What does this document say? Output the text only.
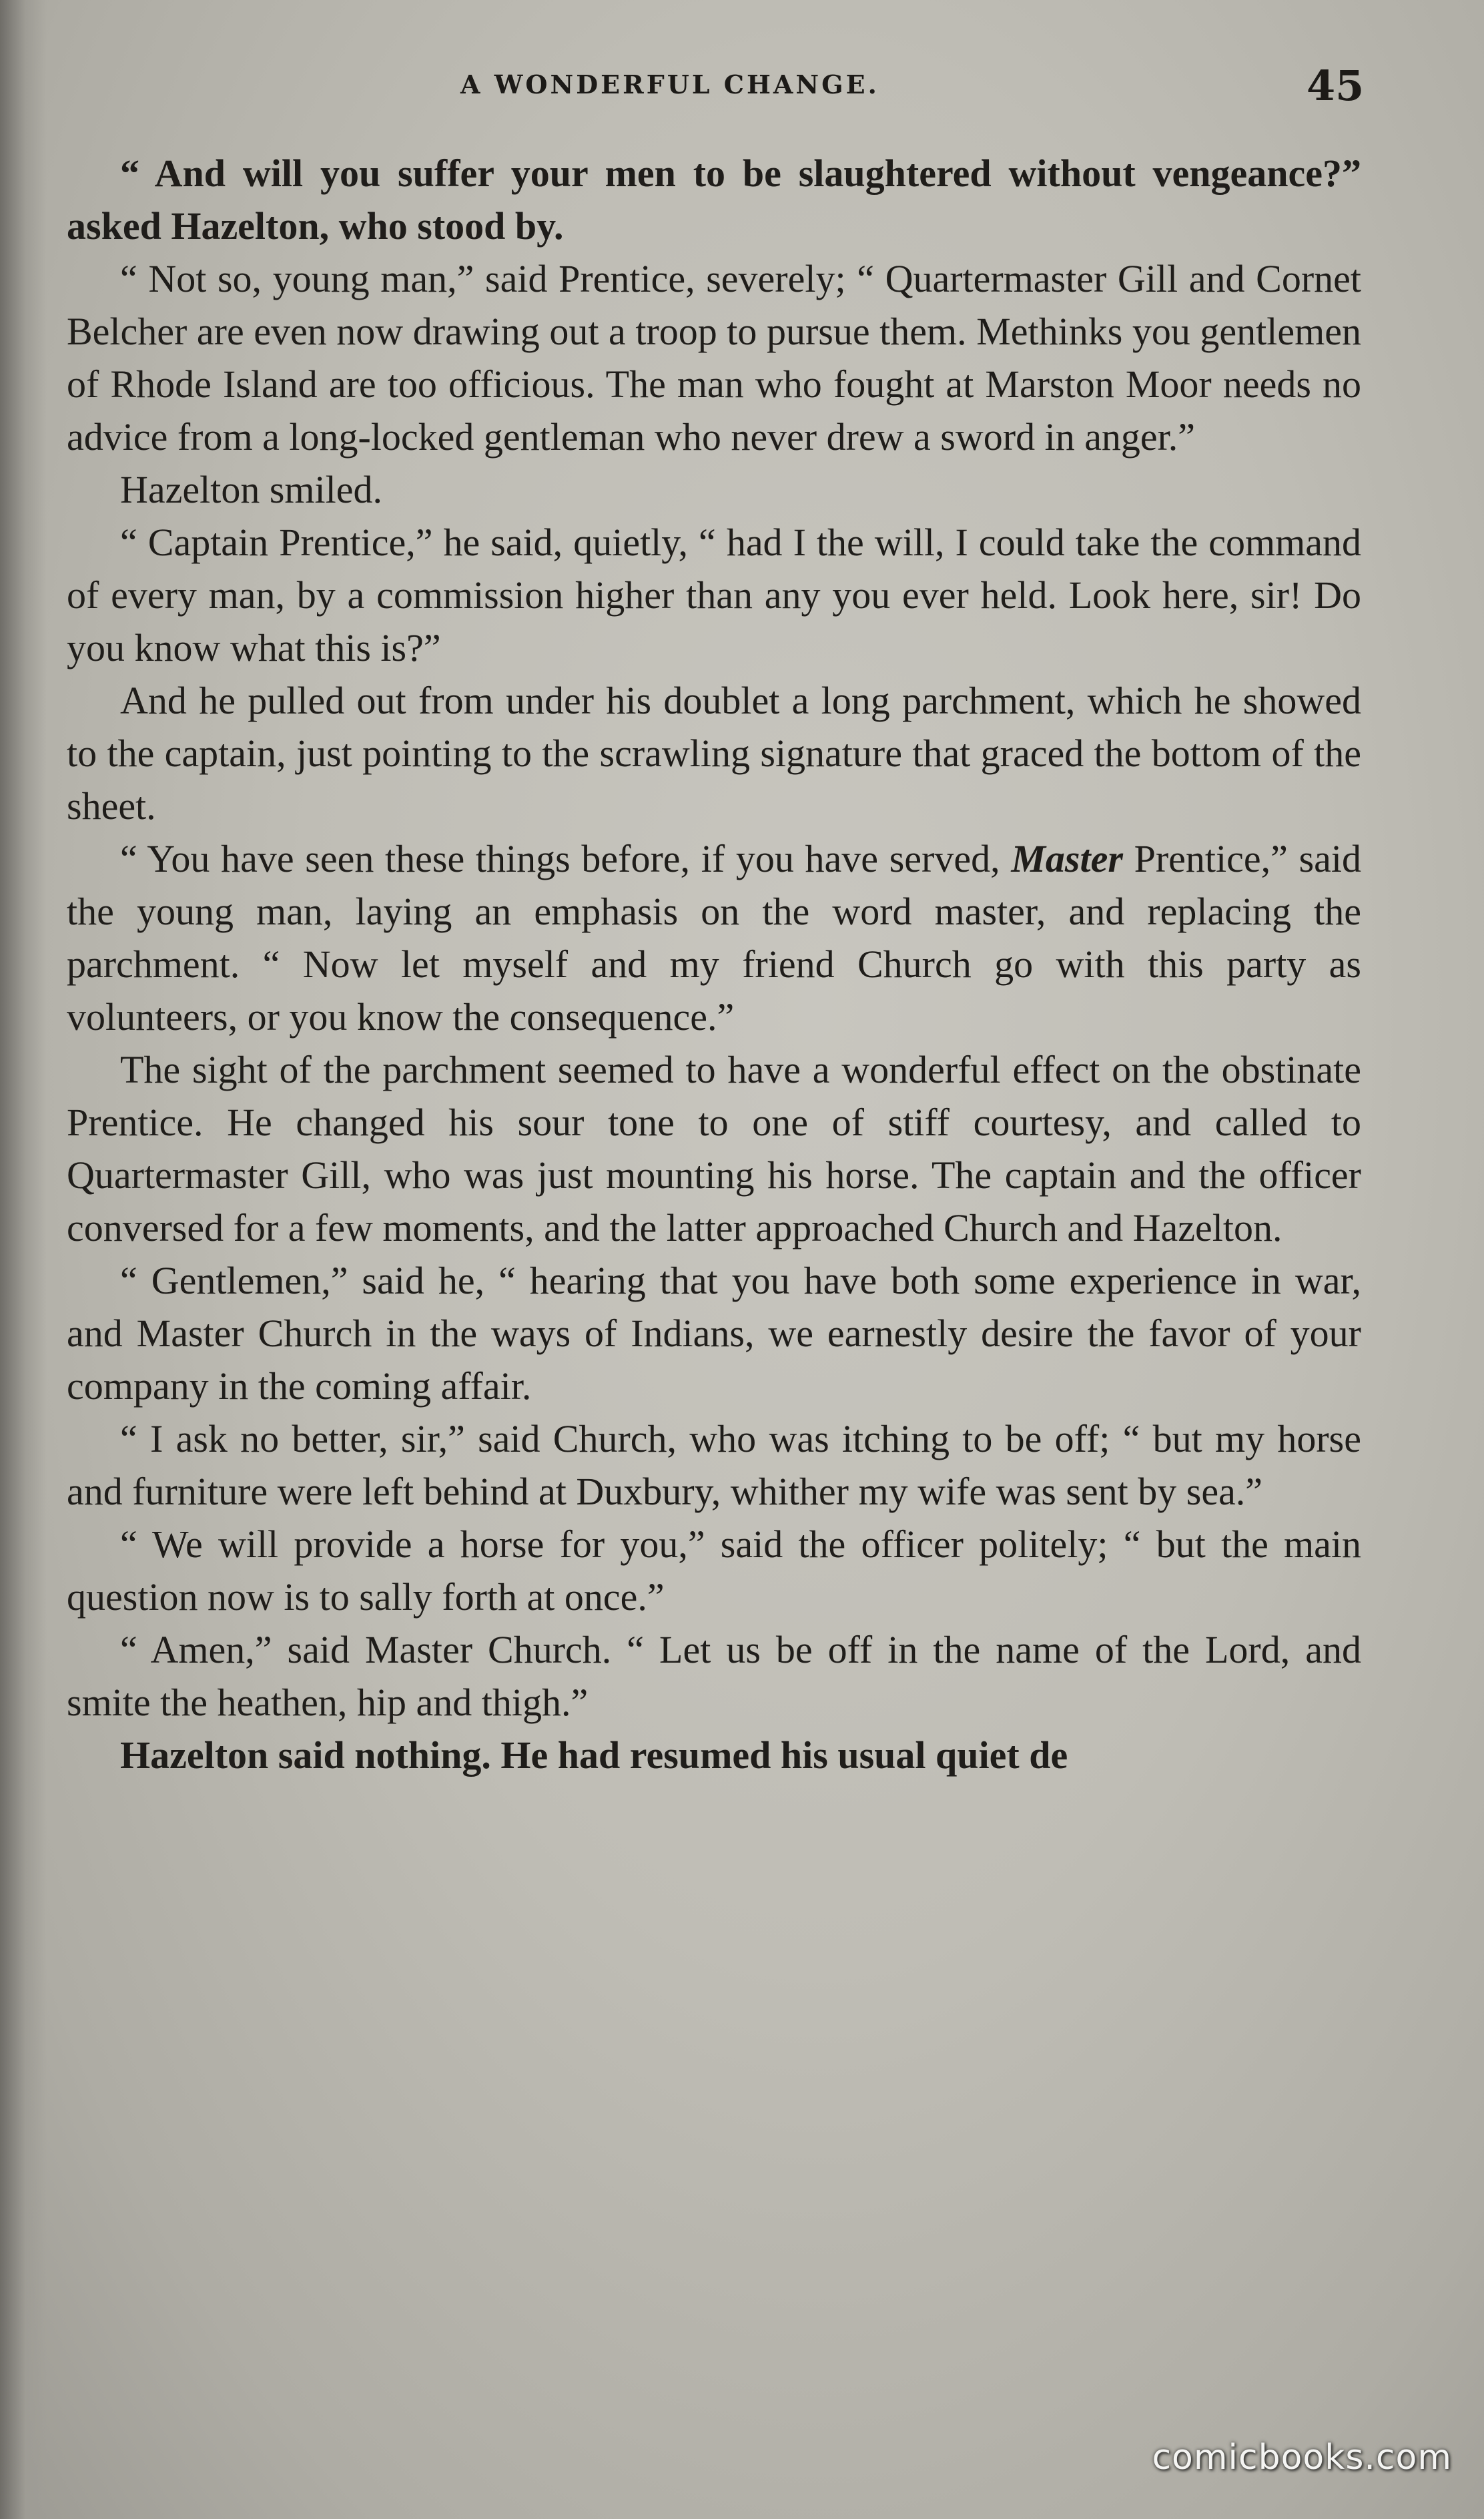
A WONDERFUL CHANGE.	45

“ And will you suffer your men to be slaughtered without vengeance?” asked Hazelton, who stood by.

“ Not so, young man,” said Prentice, severely; “ Quartermaster Gill and Cornet Belcher are even now drawing out a troop to pursue them. Methinks you gentlemen of Rhode Island are too officious. The man who fought at Marston Moor needs no advice from a long-locked gentleman who never drew a sword in anger.”

Hazelton smiled.

“ Captain Prentice,” he said, quietly, “ had I the will, I could take the command of every man, by a commission higher than any you ever held. Look here, sir! Do you know what this is?”

And he pulled out from under his doublet a long parchment, which he showed to the captain, just pointing to the scrawling signature that graced the bottom of the sheet.

“ You have seen these things before, if you have served, Master Prentice,” said the young man, laying an emphasis on the word master, and replacing the parchment. “ Now let myself and my friend Church go with this party as volunteers, or you know the consequence.”

The sight of the parchment seemed to have a wonderful effect on the obstinate Prentice. He changed his sour tone to one of stiff courtesy, and called to Quartermaster Gill, who was just mounting his horse. The captain and the officer conversed for a few moments, and the latter approached Church and Hazelton.

“ Gentlemen,” said he, “ hearing that you have both some experience in war, and Master Church in the ways of Indians, we earnestly desire the favor of your company in the coming affair.

“ I ask no better, sir,” said Church, who was itching to be off; “ but my horse and furniture were left behind at Duxbury, whither my wife was sent by sea.”

“ We will provide a horse for you,” said the officer politely; “ but the main question now is to sally forth at once.”

“ Amen,” said Master Church. “ Let us be off in the name of the Lord, and smite the heathen, hip and thigh.”

Hazelton said nothing. He had resumed his usual quiet de

comicbooks.com
